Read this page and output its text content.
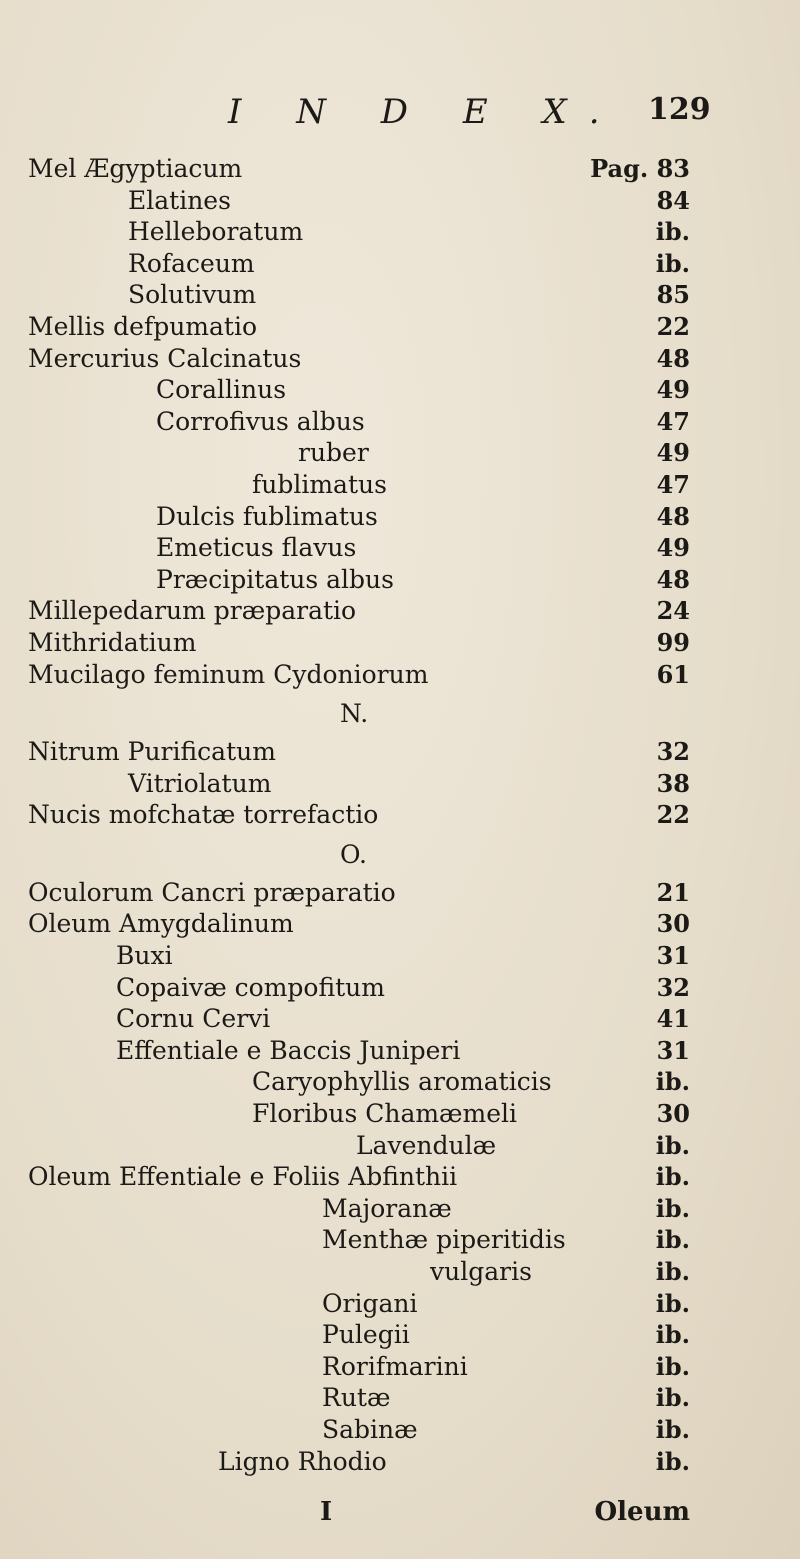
I N D E X. 129
Mel Ægyptiacum	Pag. 83
Elatines	84
Helleboratum	ib.
Rofaceum	ib.
Solutivum	85
Mellis defpumatio	22
Mercurius Calcinatus	48
Corallinus	49
Corrofivus albus	47
ruber	49
fublimatus	47
Dulcis fublimatus	48
Emeticus flavus	49
Præcipitatus albus	48
Millepedarum præparatio	24
Mithridatium	99
Mucilago feminum Cydoniorum	61
N.
Nitrum Purificatum	32
Vitriolatum	38
Nucis mofchatæ torrefactio	22
O.
Oculorum Cancri præparatio	21
Oleum Amygdalinum	30
Buxi	31
Copaivæ compofitum	32
Cornu Cervi	41
Effentiale e Baccis Juniperi	31
Caryophyllis aromaticis	ib.
Floribus Chamæmeli	30
Lavendulæ	ib.
Oleum Effentiale e Foliis Abfinthii	ib.
Majoranæ	ib.
Menthæ piperitidis	ib.
vulgaris	ib.
Origani	ib.
Pulegii	ib.
Rorifmarini	ib.
Rutæ	ib.
Sabinæ	ib.
Ligno Rhodio	ib.
I	Oleum
